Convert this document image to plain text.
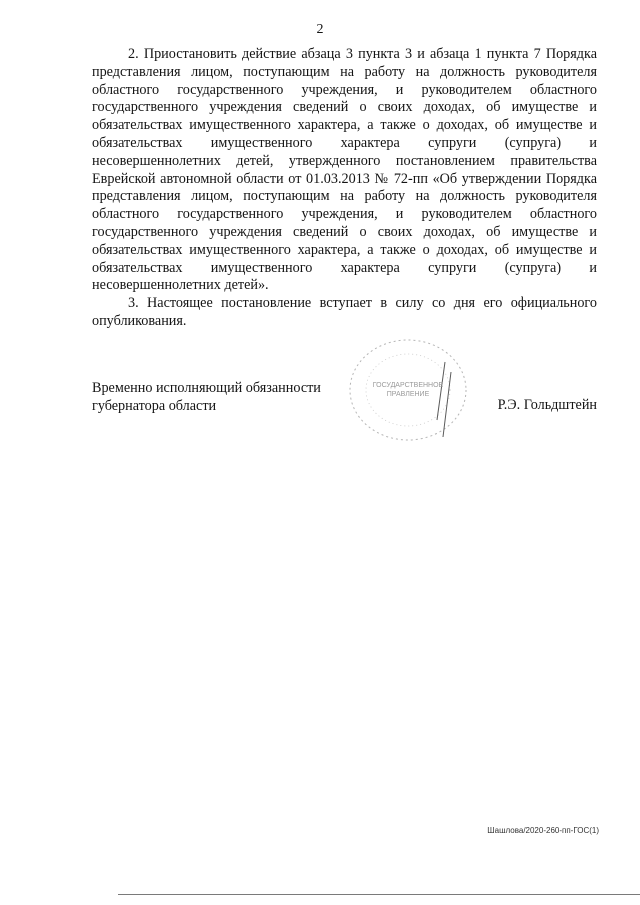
2

2. Приостановить действие абзаца 3 пункта 3 и абзаца 1 пункта 7 Порядка представления лицом, поступающим на работу на должность руководителя областного государственного учреждения, и руководителем областного государственного учреждения сведений о своих доходах, об имуществе и обязательствах имущественного характера, а также о доходах, об имуществе и обязательствах имущественного характера супруги (супруга) и несовершеннолетних детей, утвержденного постановлением правительства Еврейской автономной области от 01.03.2013 № 72-пп «Об утверждении Порядка представления лицом, поступающим на работу на должность руководителя областного государственного учреждения, и руководителем областного государственного учреждения сведений о своих доходах, об имуществе и обязательствах имущественного характера, а также о доходах, об имуществе и обязательствах имущественного характера супруги (супруга) и несовершеннолетних детей».

3. Настоящее постановление вступает в силу со дня его официального опубликования.

ГОСУДАРСТВЕННОЕ
ПРАВЛЕНИЕ
Временно исполняющий обязанности
губернатора области	Р.Э. Гольдштейн
Шашлова/2020-260-пп-ГОС(1)
